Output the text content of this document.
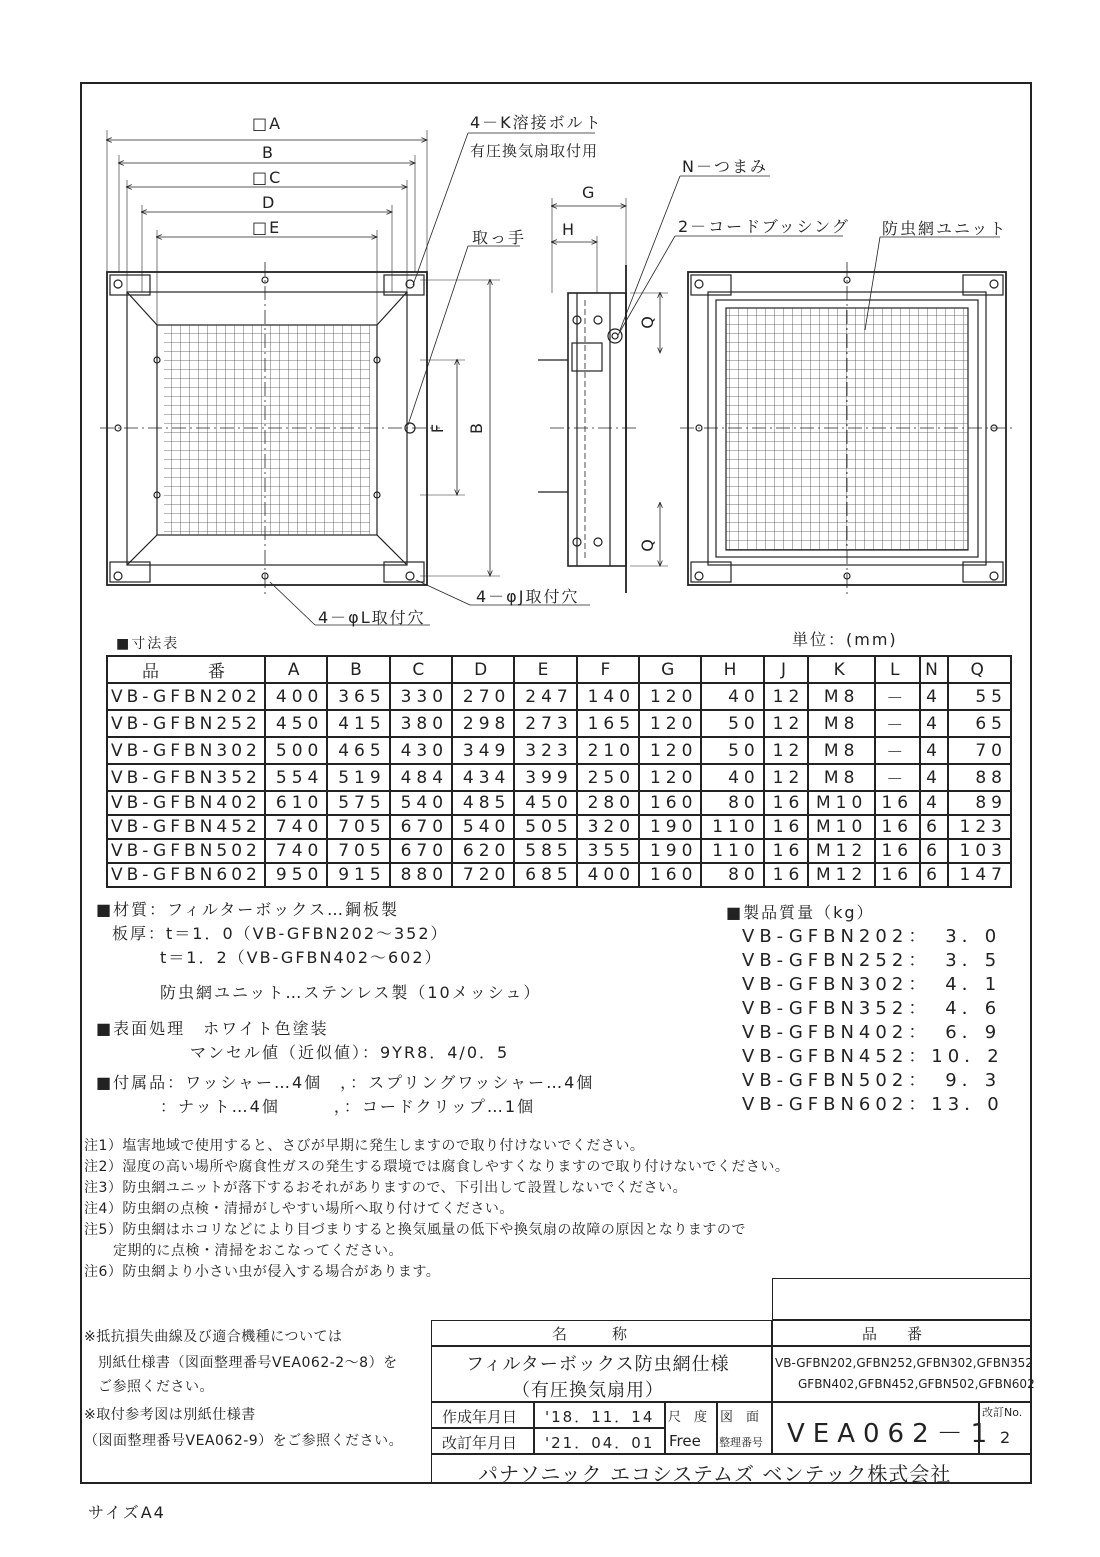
□A
B
□C
D
□E
F B
G
H
Q
Q
4－K溶接ボルト
有圧換気扇取付用
N－つまみ
2－コードブッシング
取っ手	防虫網ユニット
4－φL取付穴
4－φJ取付穴
■寸法表	単位：(mm)
品　　番	A	B	C	D	E	F	G	H	J	K	L	N	Q
VB-GFBN202	400	365	330	270	247	140	120	40	12	M8	－	4	55
VB-GFBN252	450	415	380	298	273	165	120	50	12	M8	－	4	65
VB-GFBN302	500	465	430	349	323	210	120	50	12	M8	－	4	70
VB-GFBN352	554	519	484	434	399	250	120	40	12	M8	－	4	88
VB-GFBN402	610	575	540	485	450	280	160	80	16	M10	16	4	89
VB-GFBN452	740	705	670	540	505	320	190	110	16	M10	16	6	123
VB-GFBN502	740	705	670	620	585	355	190	110	16	M12	16	6	103
VB-GFBN602	950	915	880	720	685	400	160	80	16	M12	16	6	147
■材質：フィルターボックス…鋼板製
板厚：t＝1．0（VB-GFBN202～352）
t＝1．2（VB-GFBN402～602）
防虫網ユニット…ステンレス製（10メッシュ）
■表面処理　ホワイト色塗装
マンセル値（近似値）：9YR8．4/0．5
■付属品：ワッシャー…4個　，：スプリングワッシャー…4個
：ナット…4個　　　，：コードクリップ…1個
■製品質量（kg）
VB-GFBN202：　3．0
VB-GFBN252：　3．5
VB-GFBN302：　4．1
VB-GFBN352：　4．6
VB-GFBN402：　6．9
VB-GFBN452：10．2
VB-GFBN502：　9．3
VB-GFBN602：13．0
注1）塩害地域で使用すると、さびが早期に発生しますので取り付けないでください。
注2）湿度の高い場所や腐食性ガスの発生する環境では腐食しやすくなりますので取り付けないでください。
注3）防虫網ユニットが落下するおそれがありますので、下引出して設置しないでください。
注4）防虫網の点検・清掃がしやすい場所へ取り付けてください。
注5）防虫網はホコリなどにより目づまりすると換気風量の低下や換気扇の故障の原因となりますので
　　定期的に点検・清掃をおこなってください。
注6）防虫網より小さい虫が侵入する場合があります。
※抵抗損失曲線及び適合機種については
別紙仕様書（図面整理番号VEA062-2～8）を
ご参照ください。
※取付参考図は別紙仕様書
（図面整理番号VEA062-9）をご参照ください。
名　　　称
フィルターボックス防虫網仕様
（有圧換気扇用）
品　　番
VB-GFBN202,GFBN252,GFBN302,GFBN352
GFBN402,GFBN452,GFBN502,GFBN602
作成年月日 '18．11．14
改訂年月日 '21．04．01
尺　度
Free
図　面
整理番号 VEA062－1
改訂No.
2
パナソニック エコシステムズ ベンテック株式会社
サイズA4
